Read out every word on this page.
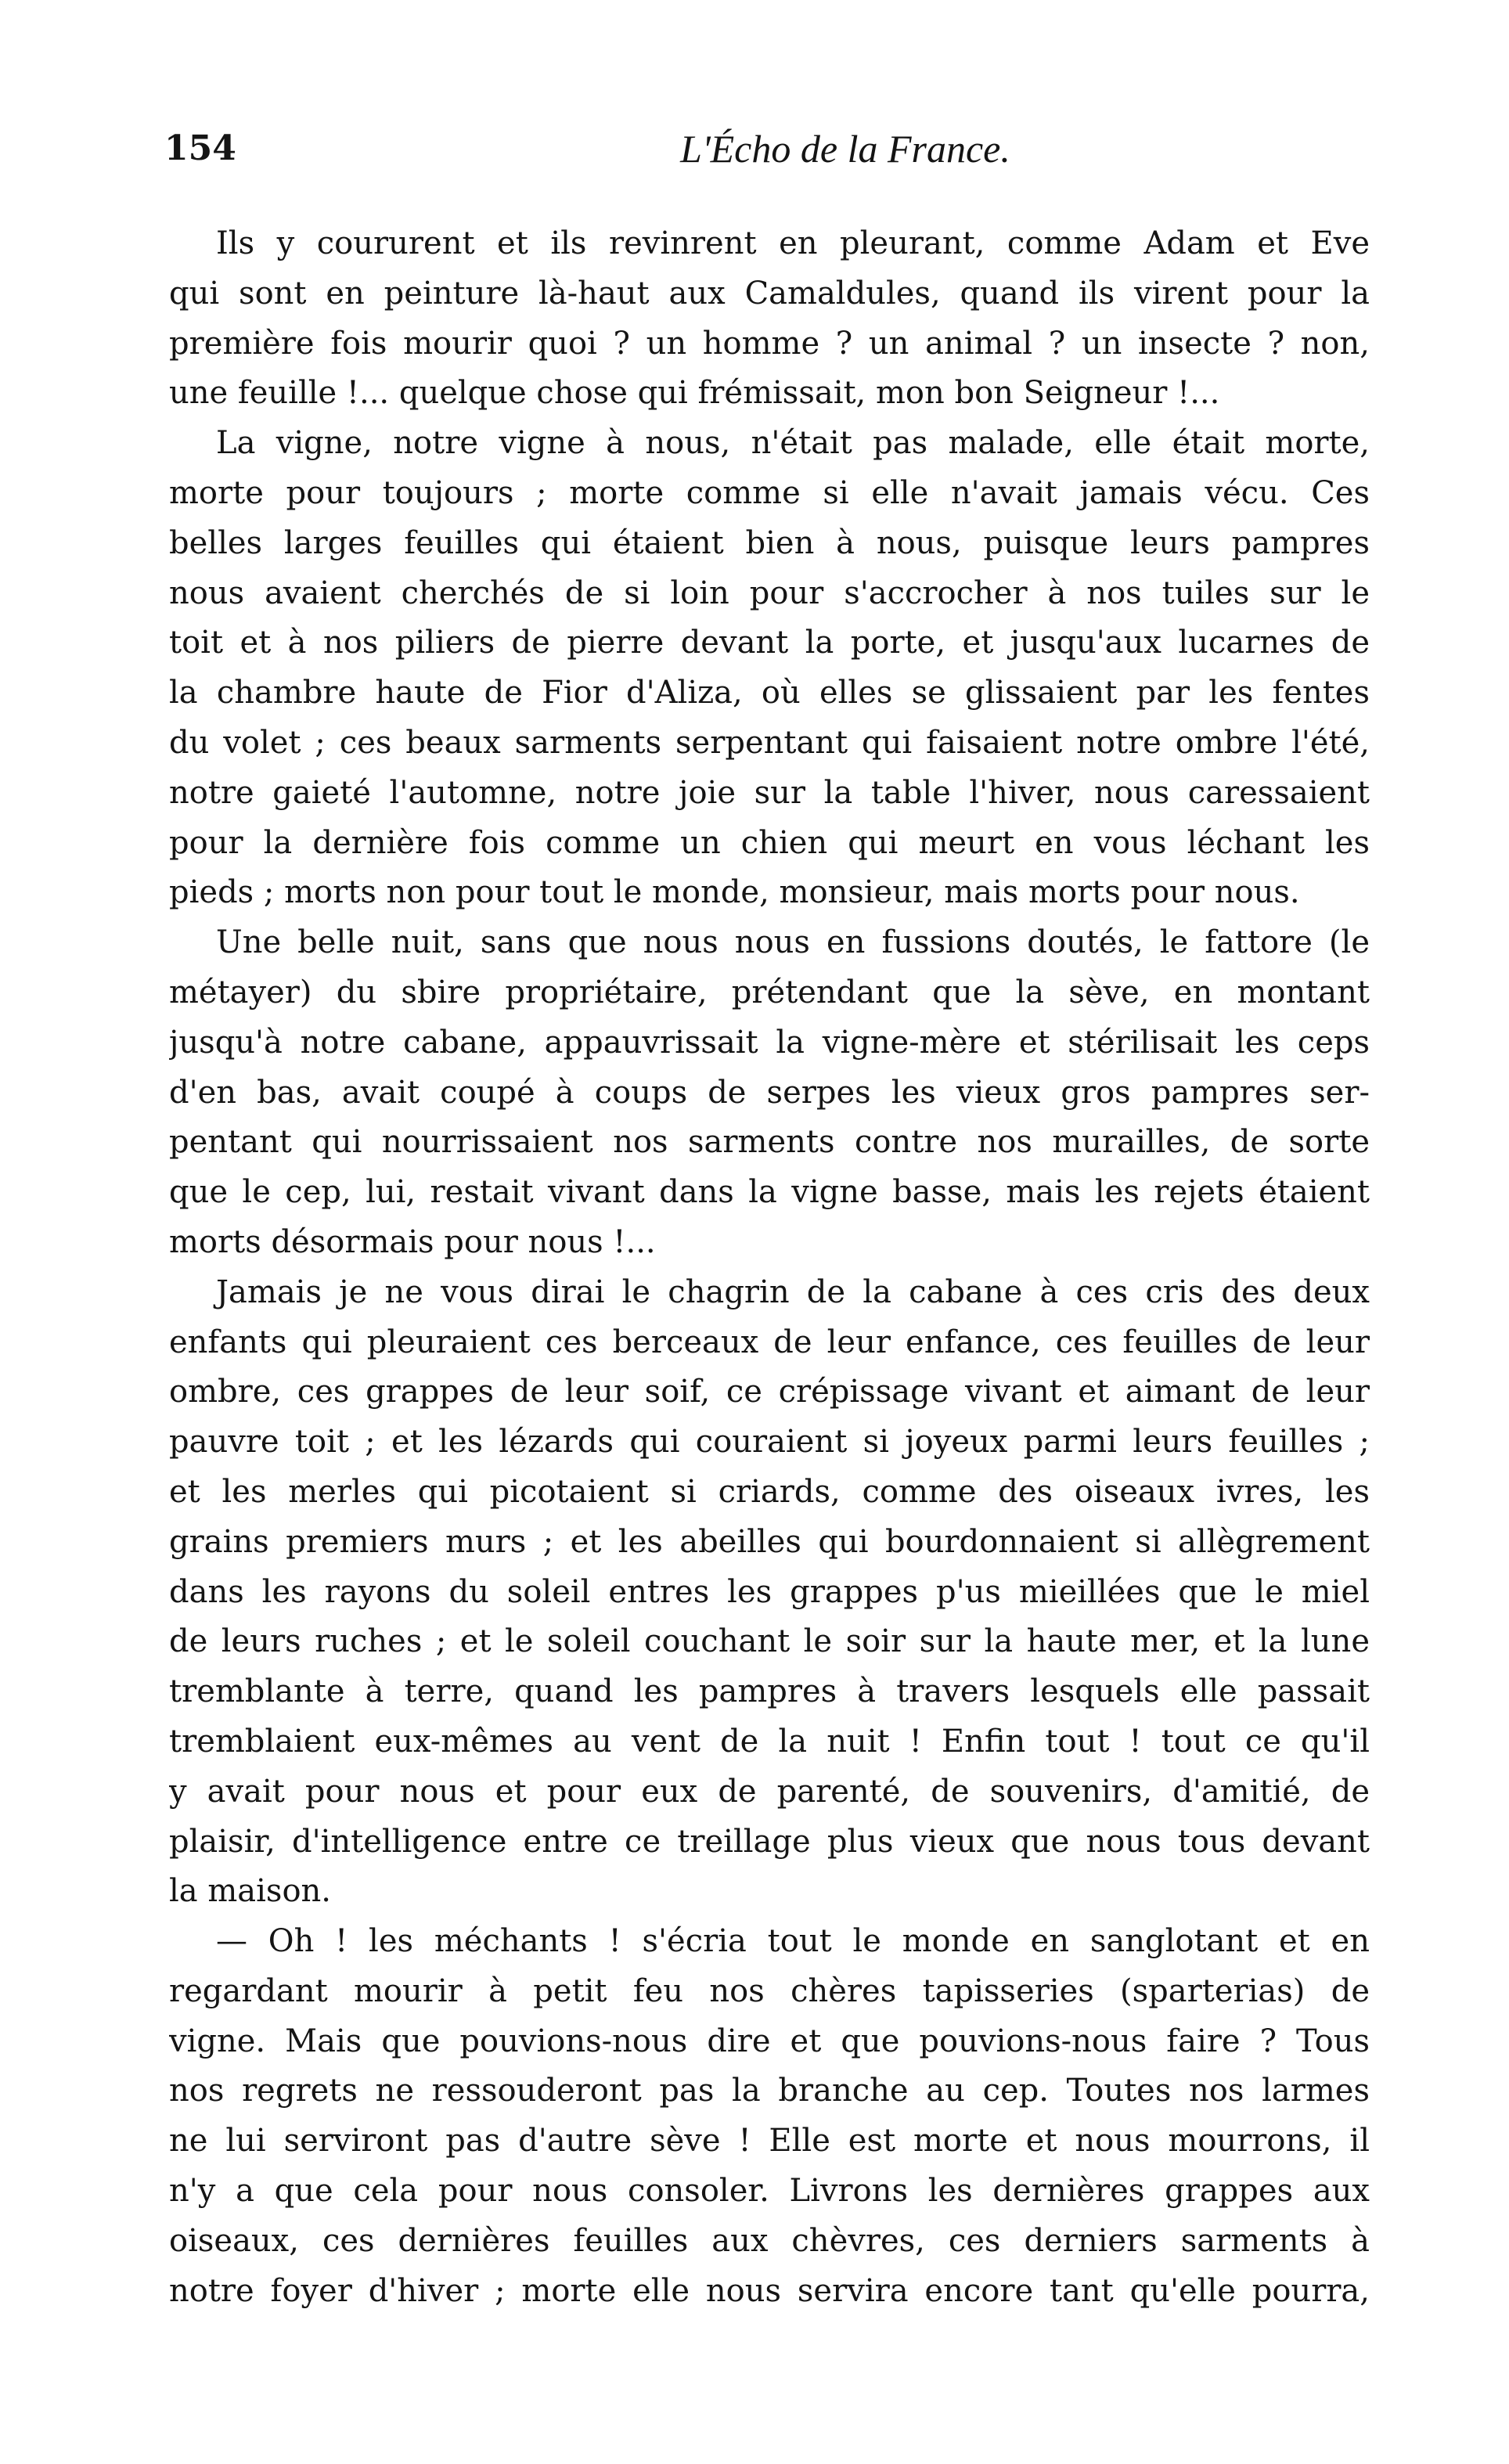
154	L'Écho de la France.
Ils y coururent et ils revinrent en pleurant, comme Adam et Eve
qui sont en peinture là-haut aux Camaldules, quand ils virent pour la
première fois mourir quoi ? un homme ? un animal ? un insecte ? non,
une feuille !... quelque chose qui frémissait, mon bon Seigneur !...
La vigne, notre vigne à nous, n'était pas malade, elle était morte,
morte pour toujours ; morte comme si elle n'avait jamais vécu. Ces
belles larges feuilles qui étaient bien à nous, puisque leurs pampres
nous avaient cherchés de si loin pour s'accrocher à nos tuiles sur le
toit et à nos piliers de pierre devant la porte, et jusqu'aux lucarnes de
la chambre haute de Fior d'Aliza, où elles se glissaient par les fentes
du volet ; ces beaux sarments serpentant qui faisaient notre ombre l'été,
notre gaieté l'automne, notre joie sur la table l'hiver, nous caressaient
pour la dernière fois comme un chien qui meurt en vous léchant les
pieds ; morts non pour tout le monde, monsieur, mais morts pour nous.
Une belle nuit, sans que nous nous en fussions doutés, le fattore (le
métayer) du sbire propriétaire, prétendant que la sève, en montant
jusqu'à notre cabane, appauvrissait la vigne-mère et stérilisait les ceps
d'en bas, avait coupé à coups de serpes les vieux gros pampres ser-
pentant qui nourrissaient nos sarments contre nos murailles, de sorte
que le cep, lui, restait vivant dans la vigne basse, mais les rejets étaient
morts désormais pour nous !...
Jamais je ne vous dirai le chagrin de la cabane à ces cris des deux
enfants qui pleuraient ces berceaux de leur enfance, ces feuilles de leur
ombre, ces grappes de leur soif, ce crépissage vivant et aimant de leur
pauvre toit ; et les lézards qui couraient si joyeux parmi leurs feuilles ;
et les merles qui picotaient si criards, comme des oiseaux ivres, les
grains premiers murs ; et les abeilles qui bourdonnaient si allègrement
dans les rayons du soleil entres les grappes p'us mieillées que le miel
de leurs ruches ; et le soleil couchant le soir sur la haute mer, et la lune
tremblante à terre, quand les pampres à travers lesquels elle passait
tremblaient eux-mêmes au vent de la nuit ! Enfin tout ! tout ce qu'il
y avait pour nous et pour eux de parenté, de souvenirs, d'amitié, de
plaisir, d'intelligence entre ce treillage plus vieux que nous tous devant
la maison.
— Oh ! les méchants ! s'écria tout le monde en sanglotant et en
regardant mourir à petit feu nos chères tapisseries (sparterias) de
vigne. Mais que pouvions-nous dire et que pouvions-nous faire ? Tous
nos regrets ne ressouderont pas la branche au cep. Toutes nos larmes
ne lui serviront pas d'autre sève ! Elle est morte et nous mourrons, il
n'y a que cela pour nous consoler. Livrons les dernières grappes aux
oiseaux, ces dernières feuilles aux chèvres, ces derniers sarments à
notre foyer d'hiver ; morte elle nous servira encore tant qu'elle pourra,
